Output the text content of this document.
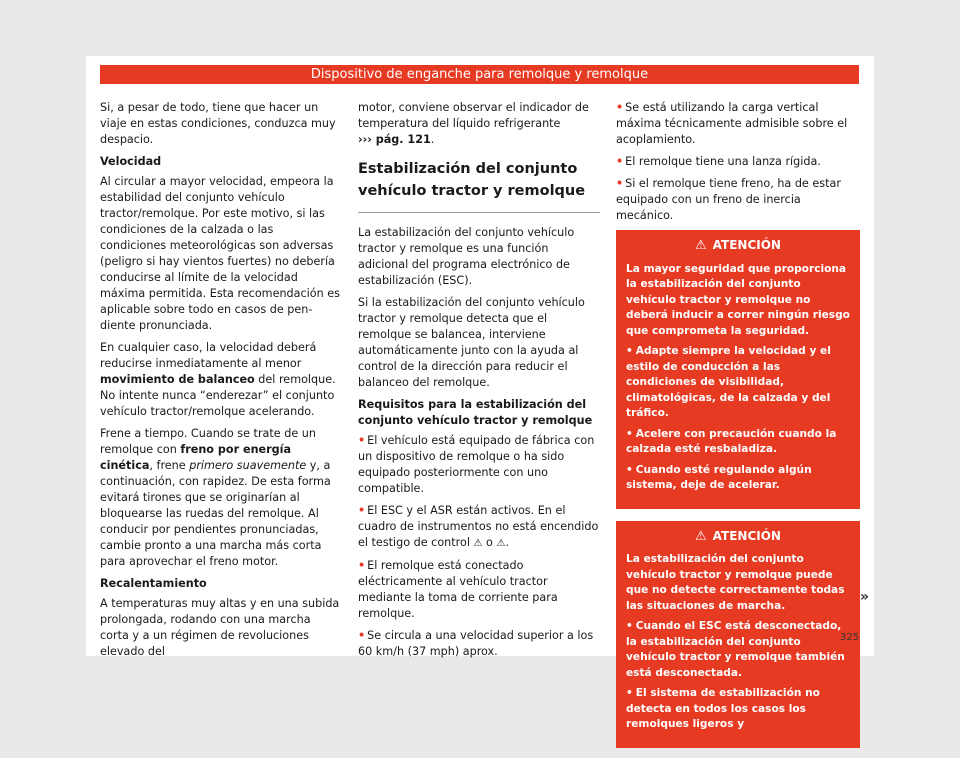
Dispositivo de enganche para remolque y remolque

Si, a pesar de todo, tiene que hacer un viaje en estas condiciones, conduzca muy despacio.

Velocidad

Al circular a mayor velocidad, empeora la estabilidad del conjunto vehículo tractor/remolque. Por este motivo, si las condiciones de la calzada o las condiciones meteorológicas son adversas (peligro si hay vientos fuertes) no debería conducirse al límite de la velocidad máxima permitida. Esta recomendación es aplicable sobre todo en casos de pendiente pronunciada.

En cualquier caso, la velocidad deberá reducirse inmediatamente al menor movimiento de balanceo del remolque. No intente nunca “enderezar” el conjunto vehículo tractor/remolque acelerando.

Frene a tiempo. Cuando se trate de un remolque con freno por energía cinética, frene primero suavemente y, a continuación, con rapidez. De esta forma evitará tirones que se originarían al bloquearse las ruedas del remolque. Al conducir por pendientes pronunciadas, cambie pronto a una marcha más corta para aprovechar el freno motor.

Recalentamiento

A temperaturas muy altas y en una subida prolongada, rodando con una marcha corta y a un régimen de revoluciones elevado del

motor, conviene observar el indicador de temperatura del líquido refrigerante
››› pág. 121.

Estabilización del conjunto vehículo tractor y remolque

La estabilización del conjunto vehículo tractor y remolque es una función adicional del programa electrónico de estabilización (ESC).

Si la estabilización del conjunto vehículo tractor y remolque detecta que el remolque se balancea, interviene automáticamente junto con la ayuda al control de la dirección para reducir el balanceo del remolque.

Requisitos para la estabilización del conjunto vehículo tractor y remolque

• El vehículo está equipado de fábrica con un dispositivo de remolque o ha sido equipado posteriormente con uno compatible.

• El ESC y el ASR están activos. En el cuadro de instrumentos no está encendido el testigo de control ⚠ o ⚠.

• El remolque está conectado eléctricamente al vehículo tractor mediante la toma de corriente para remolque.

• Se circula a una velocidad superior a los 60 km/h (37 mph) aprox.

• Se está utilizando la carga vertical máxima técnicamente admisible sobre el acoplamiento.

• El remolque tiene una lanza rígida.

• Si el remolque tiene freno, ha de estar equipado con un freno de inercia mecánico.

⚠ ATENCIÓN

La mayor seguridad que proporciona la estabilización del conjunto vehículo tractor y remolque no deberá inducir a correr ningún riesgo que comprometa la seguridad.

• Adapte siempre la velocidad y el estilo de conducción a las condiciones de visibilidad, climatológicas, de la calzada y del tráfico.

• Acelere con precaución cuando la calzada esté resbaladiza.

• Cuando esté regulando algún sistema, deje de acelerar.

⚠ ATENCIÓN

La estabilización del conjunto vehículo tractor y remolque puede que no detecte correctamente todas las situaciones de marcha.

• Cuando el ESC está desconectado, la estabilización del conjunto vehículo tractor y remolque también está desconectada.

• El sistema de estabilización no detecta en todos los casos los remolques ligeros y

»
325
